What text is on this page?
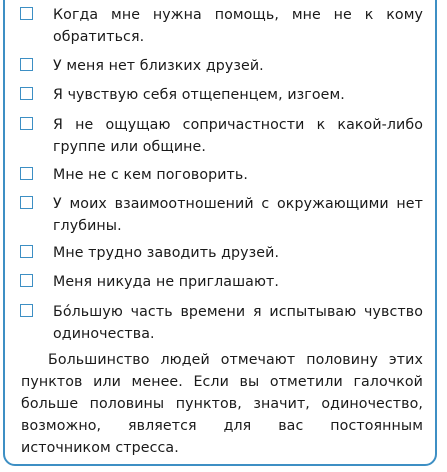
Когда мне нужна помощь, мне не к кому обратиться.
У меня нет близких друзей.
Я чувствую себя отщепенцем, изгоем.
Я не ощущаю сопричастности к какой-либо группе или общине.
Мне не с кем поговорить.
У моих взаимоотношений с окружающими нет глубины.
Мне трудно заводить друзей.
Меня никуда не приглашают.
Бо́льшую часть времени я испытываю чувство одиночества.

Большинство людей отмечают половину этих пунктов или менее. Если вы отметили галочкой больше половины пунктов, значит, одиночество, возможно, является для вас постоянным источником стресса.
